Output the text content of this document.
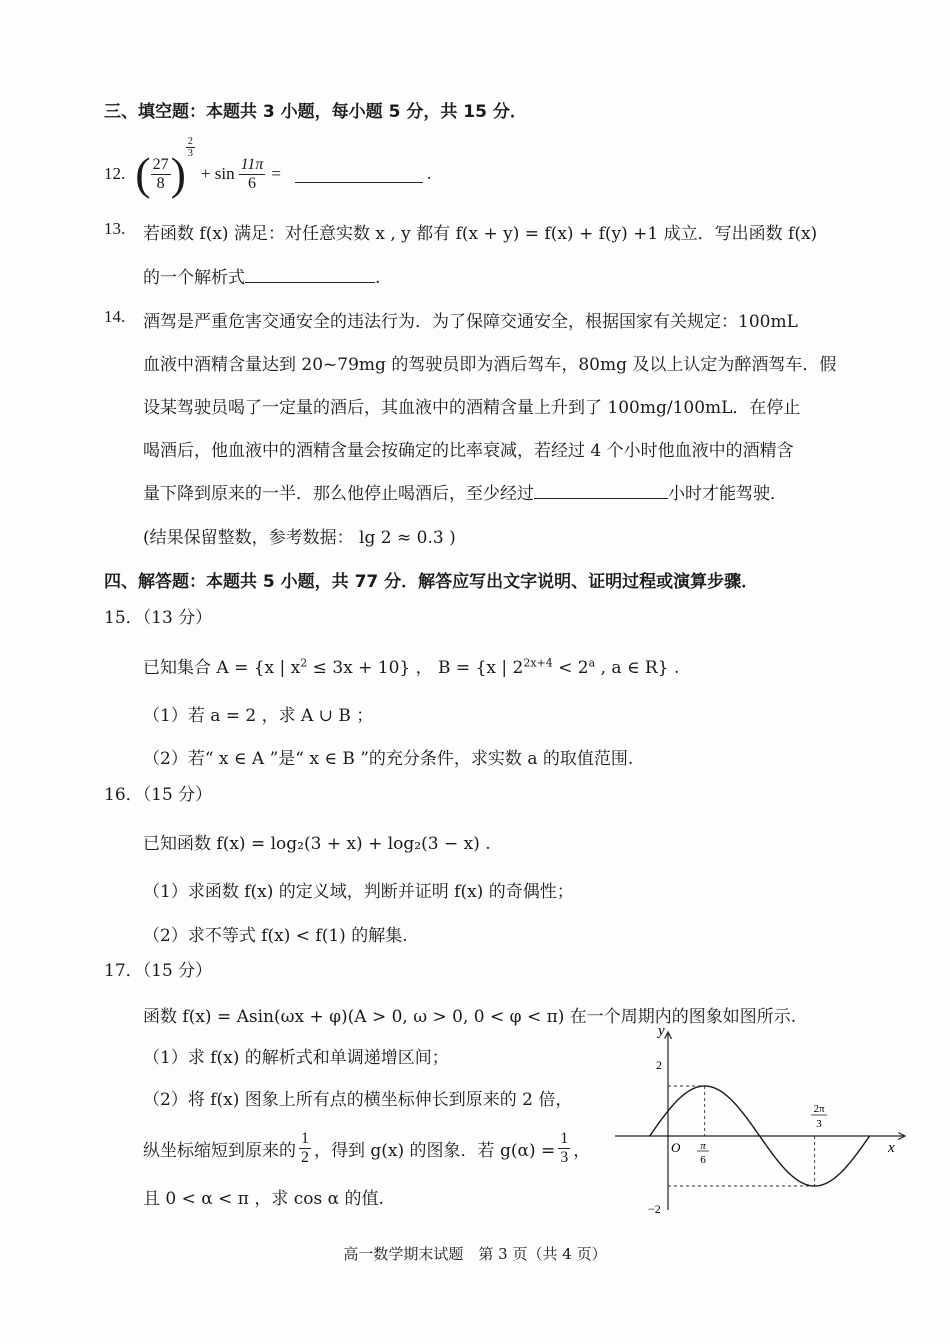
三、填空题：本题共 3 小题，每小题 5 分，共 15 分．
12. ( $\frac{27}{8}$ )
$\frac{2}{3}$
+ $\sin \frac{11\pi}{6}$ =	.
13. 若函数 f(x) 满足：对任意实数 x , y 都有 f(x + y) = f(x) + f(y) +1 成立．写出函数 f(x)
的一个解析式	.
14. 酒驾是严重危害交通安全的违法行为．为了保障交通安全，根据国家有关规定：100mL
血液中酒精含量达到 20~79mg 的驾驶员即为酒后驾车，80mg 及以上认定为醉酒驾车．假
设某驾驶员喝了一定量的酒后，其血液中的酒精含量上升到了 100mg/100mL．在停止
喝酒后，他血液中的酒精含量会按确定的比率衰减，若经过 4 个小时他血液中的酒精含
量下降到原来的一半．那么他停止喝酒后，至少经过	小时才能驾驶．
(结果保留整数，参考数据： lg 2 ≈ 0.3 )
四、解答题：本题共 5 小题，共 77 分．解答应写出文字说明、证明过程或演算步骤．
15．（13 分）
已知集合 A = {x | $x^2 \le 3x + 10$} ， B = {x | $2^{2x+4} < 2^a$ , a ∈ R} .
（1）若 a = 2 ，求 A ∪ B ；
（2）若“ x ∈ A ”是“ x ∈ B ”的充分条件，求实数 a 的取值范围.
16．（15 分）
已知函数 f(x) = log₂(3 + x) + log₂(3 − x) .
（1）求函数 f(x) 的定义域，判断并证明 f(x) 的奇偶性；
（2）求不等式 f(x) < f(1) 的解集.
17．（15 分）
函数 f(x) = Asin(ωx + φ)(A > 0, ω > 0, 0 < φ < π) 在一个周期内的图象如图所示.
（1）求 f(x) 的解析式和单调递增区间；
（2）将 f(x) 图象上所有点的横坐标伸长到原来的 2 倍，
纵坐标缩短到原来的 $\frac{1}{2}$ ，得到 g(x) 的图象．若 $g(\alpha) = \frac{1}{3}$ ，
且 0 < α < π ，求 cos α 的值.
y
x
O
2
−2
π
6
2π
3
高一数学期末试题　第 3 页（共 4 页）
